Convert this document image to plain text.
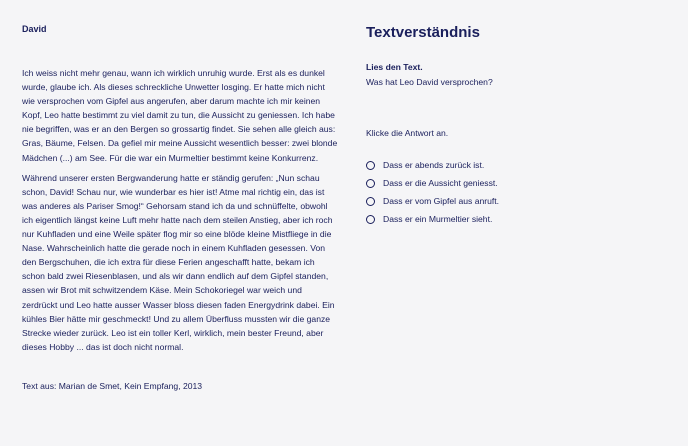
David

Ich weiss nicht mehr genau, wann ich wirklich unruhig wurde. Erst als es dunkel wurde, glaube ich. Als dieses schreckliche Unwetter losging. Er hatte mich nicht wie versprochen vom Gipfel aus angerufen, aber darum machte ich mir keinen Kopf, Leo hatte bestimmt zu viel damit zu tun, die Aussicht zu geniessen. Ich habe nie begriffen, was er an den Bergen so grossartig findet. Sie sehen alle gleich aus: Gras, Bäume, Felsen. Da gefiel mir meine Aussicht wesentlich besser: zwei blonde Mädchen (...) am See. Für die war ein Murmeltier bestimmt keine Konkurrenz.

Während unserer ersten Bergwanderung hatte er ständig gerufen: „Nun schau schon, David! Schau nur, wie wunderbar es hier ist! Atme mal richtig ein, das ist was anderes als Pariser Smog!“ Gehorsam stand ich da und schnüffelte, obwohl ich eigentlich längst keine Luft mehr hatte nach dem steilen Anstieg, aber ich roch nur Kuhfladen und eine Weile später flog mir so eine blöde kleine Mistfliege in die Nase. Wahrscheinlich hatte die gerade noch in einem Kuhfladen gesessen. Von den Bergschuhen, die ich extra für diese Ferien angeschafft hatte, bekam ich schon bald zwei Riesenblasen, und als wir dann endlich auf dem Gipfel standen, assen wir Brot mit schwitzendem Käse. Mein Schokoriegel war weich und zerdrückt und Leo hatte ausser Wasser bloss diesen faden Energydrink dabei. Ein kühles Bier hätte mir geschmeckt! Und zu allem Überfluss mussten wir die ganze Strecke wieder zurück. Leo ist ein toller Kerl, wirklich, mein bester Freund, aber dieses Hobby ... das ist doch nicht normal.

Text aus: Marian de Smet, Kein Empfang, 2013
Textverständnis
Lies den Text.
Was hat Leo David versprochen?
Klicke die Antwort an.
Dass er abends zurück ist.
Dass er die Aussicht geniesst.
Dass er vom Gipfel aus anruft.
Dass er ein Murmeltier sieht.
